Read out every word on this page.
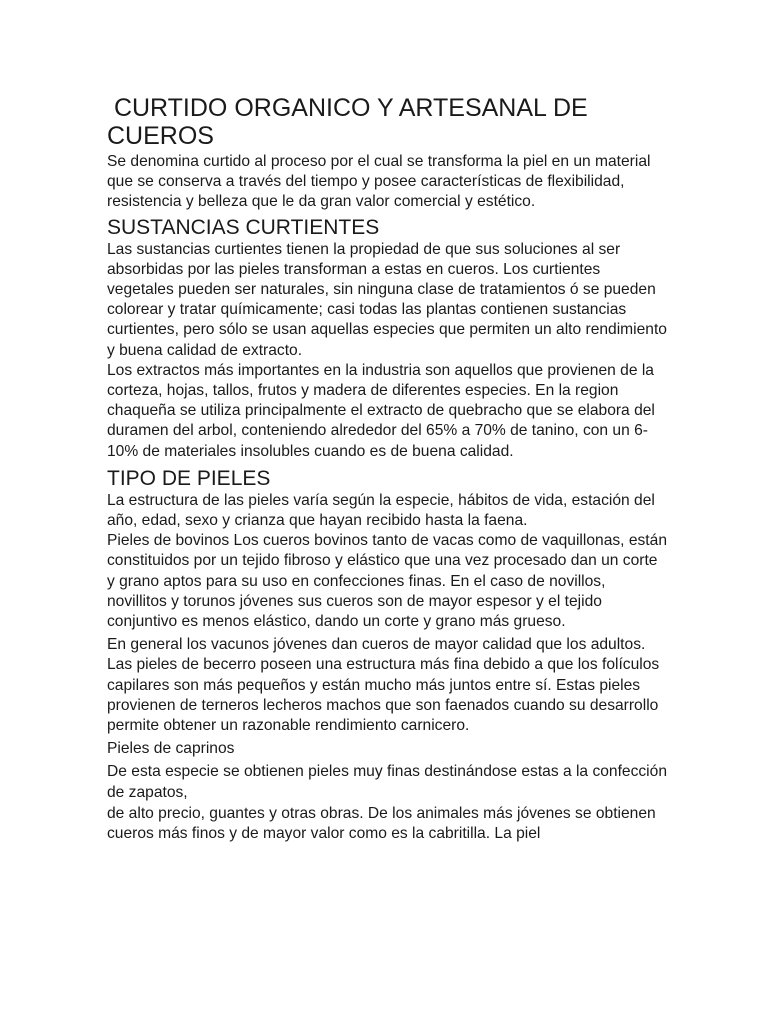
CURTIDO ORGANICO Y ARTESANAL DE CUEROS
Se denomina curtido al proceso por el cual se transforma la piel en un material que se conserva a través del tiempo y posee características de flexibilidad, resistencia y belleza que le da gran valor comercial y estético.
SUSTANCIAS CURTIENTES
Las sustancias curtientes tienen la propiedad de que sus soluciones al ser absorbidas por las pieles transforman a estas en cueros. Los curtientes vegetales pueden ser naturales, sin ninguna clase de tratamientos ó se pueden colorear y tratar químicamente; casi todas las plantas contienen sustancias curtientes, pero sólo se usan aquellas especies que permiten un alto rendimiento y buena calidad de extracto.
Los extractos más importantes en la industria son aquellos que provienen de la corteza, hojas, tallos, frutos y madera de diferentes especies. En la region chaqueña se utiliza principalmente el extracto de quebracho que se elabora del duramen del arbol, conteniendo alrededor del 65% a 70% de tanino, con un 6-10% de materiales insolubles cuando es de buena calidad.
TIPO DE PIELES
La estructura de las pieles varía según la especie, hábitos de vida, estación del año, edad, sexo y crianza que hayan recibido hasta la faena.
Pieles de bovinos Los cueros bovinos tanto de vacas como de vaquillonas, están constituidos por un tejido fibroso y elástico que una vez procesado dan un corte y grano aptos para su uso en confecciones finas. En el caso de novillos, novillitos y torunos jóvenes sus cueros son de mayor espesor y el tejido conjuntivo es menos elástico, dando un corte y grano más grueso.
En general los vacunos jóvenes dan cueros de mayor calidad que los adultos. Las pieles de becerro poseen una estructura más fina debido a que los folículos capilares son más pequeños y están mucho más juntos entre sí. Estas pieles provienen de terneros lecheros machos que son faenados cuando su desarrollo permite obtener un razonable rendimiento carnicero.
Pieles de caprinos
De esta especie se obtienen pieles muy finas destinándose estas a la confección de zapatos,
de alto precio, guantes y otras obras. De los animales más jóvenes se obtienen cueros más finos y de mayor valor como es la cabritilla. La piel
